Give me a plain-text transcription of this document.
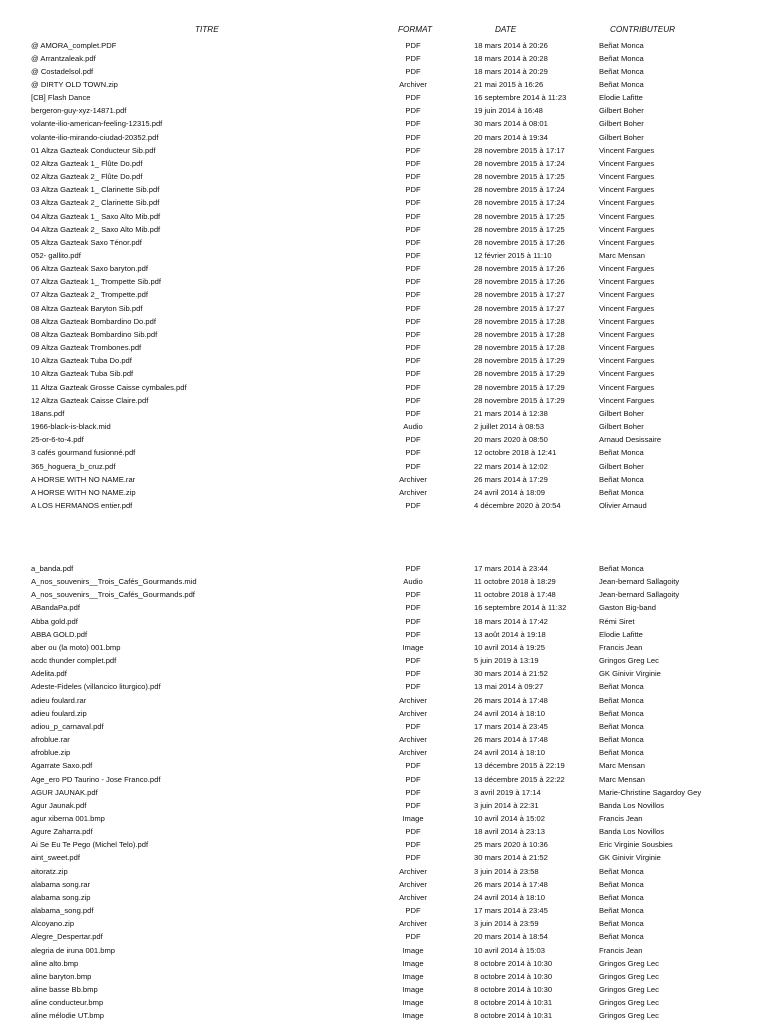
TITRE	FORMAT	DATE	CONTRIBUTEUR
@ AMORA_complet.PDF	PDF	18 mars 2014 à 20:26	Beñat Monca
@ Arrantzaleak.pdf	PDF	18 mars 2014 à 20:28	Beñat Monca
@ Costadelsol.pdf	PDF	18 mars 2014 à 20:29	Beñat Monca
@ DIRTY OLD TOWN.zip	Archiver	21 mai 2015 à 16:26	Beñat Monca
[CB] Flash Dance	PDF	16 septembre 2014 à 11:23	Elodie Lafitte
bergeron-guy-xyz-14871.pdf	PDF	19 juin 2014 à 16:48	Gilbert Boher
volante-ilio-american-feeling-12315.pdf	PDF	30 mars 2014 à 08:01	Gilbert Boher
volante-ilio-mirando-ciudad-20352.pdf	PDF	20 mars 2014 à 19:34	Gilbert Boher
01 Altza Gazteak Conducteur Sib.pdf	PDF	28 novembre 2015 à 17:17	Vincent Fargues
02 Altza Gazteak 1_ Flûte Do.pdf	PDF	28 novembre 2015 à 17:24	Vincent Fargues
02 Altza Gazteak 2_ Flûte Do.pdf	PDF	28 novembre 2015 à 17:25	Vincent Fargues
03 Altza Gazteak 1_ Clarinette Sib.pdf	PDF	28 novembre 2015 à 17:24	Vincent Fargues
03 Altza Gazteak 2_ Clarinette Sib.pdf	PDF	28 novembre 2015 à 17:24	Vincent Fargues
04 Altza Gazteak 1_ Saxo Alto Mib.pdf	PDF	28 novembre 2015 à 17:25	Vincent Fargues
04 Altza Gazteak 2_ Saxo Alto Mib.pdf	PDF	28 novembre 2015 à 17:25	Vincent Fargues
05 Altza Gazteak Saxo Ténor.pdf	PDF	28 novembre 2015 à 17:26	Vincent Fargues
052- gallito.pdf	PDF	12 février 2015 à 11:10	Marc Mensan
06 Altza Gazteak Saxo baryton.pdf	PDF	28 novembre 2015 à 17:26	Vincent Fargues
07 Altza Gazteak 1_ Trompette Sib.pdf	PDF	28 novembre 2015 à 17:26	Vincent Fargues
07 Altza Gazteak 2_ Trompette.pdf	PDF	28 novembre 2015 à 17:27	Vincent Fargues
08 Altza Gazteak Baryton Sib.pdf	PDF	28 novembre 2015 à 17:27	Vincent Fargues
08 Altza Gazteak Bombardino Do.pdf	PDF	28 novembre 2015 à 17:28	Vincent Fargues
08 Altza Gazteak Bombardino Sib.pdf	PDF	28 novembre 2015 à 17:28	Vincent Fargues
09 Altza Gazteak Trombones.pdf	PDF	28 novembre 2015 à 17:28	Vincent Fargues
10 Altza Gazteak Tuba Do.pdf	PDF	28 novembre 2015 à 17:29	Vincent Fargues
10 Altza Gazteak Tuba Sib.pdf	PDF	28 novembre 2015 à 17:29	Vincent Fargues
11 Altza Gazteak Grosse Caisse cymbales.pdf	PDF	28 novembre 2015 à 17:29	Vincent Fargues
12 Altza Gazteak Caisse Claire.pdf	PDF	28 novembre 2015 à 17:29	Vincent Fargues
18ans.pdf	PDF	21 mars 2014 à 12:38	Gilbert Boher
1966-black-is-black.mid	Audio	2 juillet 2014 à 08:53	Gilbert Boher
25-or-6-to-4.pdf	PDF	20 mars 2020 à 08:50	Arnaud Desissaire
3 cafés gourmand fusionné.pdf	PDF	12 octobre 2018 à 12:41	Beñat Monca
365_hoguera_b_cruz.pdf	PDF	22 mars 2014 à 12:02	Gilbert Boher
A HORSE WITH NO NAME.rar	Archiver	26 mars 2014 à 17:29	Beñat Monca
A HORSE WITH NO NAME.zip	Archiver	24 avril 2014 à 18:09	Beñat Monca
A LOS HERMANOS entier.pdf	PDF	4 décembre 2020 à 20:54	Olivier Arnaud
a_banda.pdf	PDF	17 mars 2014 à 23:44	Beñat Monca
A_nos_souvenirs__Trois_Cafés_Gourmands.mid	Audio	11 octobre 2018 à 18:29	Jean-bernard Sallagoity
A_nos_souvenirs__Trois_Cafés_Gourmands.pdf	PDF	11 octobre 2018 à 17:48	Jean-bernard Sallagoity
ABandaPa.pdf	PDF	16 septembre 2014 à 11:32	Gaston Big-band
Abba gold.pdf	PDF	18 mars 2014 à 17:42	Rémi Siret
ABBA GOLD.pdf	PDF	13 août 2014 à 19:18	Elodie Lafitte
aber ou (la moto) 001.bmp	Image	10 avril 2014 à 19:25	Francis Jean
acdc thunder complet.pdf	PDF	5 juin 2019 à 13:19	Gringos Greg Lec
Adelita.pdf	PDF	30 mars 2014 à 21:52	GK Ginivir Virginie
Adeste-Fideles (villancico liturgico).pdf	PDF	13 mai 2014 à 09:27	Beñat Monca
adieu foulard.rar	Archiver	26 mars 2014 à 17:48	Beñat Monca
adieu foulard.zip	Archiver	24 avril 2014 à 18:10	Beñat Monca
adiou_p_carnaval.pdf	PDF	17 mars 2014 à 23:45	Beñat Monca
afroblue.rar	Archiver	26 mars 2014 à 17:48	Beñat Monca
afroblue.zip	Archiver	24 avril 2014 à 18:10	Beñat Monca
Agarrate Saxo.pdf	PDF	13 décembre 2015 à 22:19	Marc Mensan
Age_ero PD Taurino - Jose Franco.pdf	PDF	13 décembre 2015 à 22:22	Marc Mensan
AGUR JAUNAK.pdf	PDF	3 avril 2019 à 17:14	Marie-Christine Sagardoy Gey
Agur Jaunak.pdf	PDF	3 juin 2014 à 22:31	Banda Los Novillos
agur xiberna 001.bmp	Image	10 avril 2014 à 15:02	Francis Jean
Agure Zaharra.pdf	PDF	18 avril 2014 à 23:13	Banda Los Novillos
Ai Se Eu Te Pego (Michel Telo).pdf	PDF	25 mars 2020 à 10:36	Eric Virginie Sousbies
aint_sweet.pdf	PDF	30 mars 2014 à 21:52	GK Ginivir Virginie
aitoratz.zip	Archiver	3 juin 2014 à 23:58	Beñat Monca
alabama song.rar	Archiver	26 mars 2014 à 17:48	Beñat Monca
alabama song.zip	Archiver	24 avril 2014 à 18:10	Beñat Monca
alabama_song.pdf	PDF	17 mars 2014 à 23:45	Beñat Monca
Alcoyano.zip	Archiver	3 juin 2014 à 23:59	Beñat Monca
Alegre_Despertar.pdf	PDF	20 mars 2014 à 18:54	Beñat Monca
alegria de iruna 001.bmp	Image	10 avril 2014 à 15:03	Francis Jean
aline alto.bmp	Image	8 octobre 2014 à 10:30	Gringos Greg Lec
aline baryton.bmp	Image	8 octobre 2014 à 10:30	Gringos Greg Lec
aline basse Bb.bmp	Image	8 octobre 2014 à 10:30	Gringos Greg Lec
aline conducteur.bmp	Image	8 octobre 2014 à 10:31	Gringos Greg Lec
aline mélodie UT.bmp	Image	8 octobre 2014 à 10:31	Gringos Greg Lec
